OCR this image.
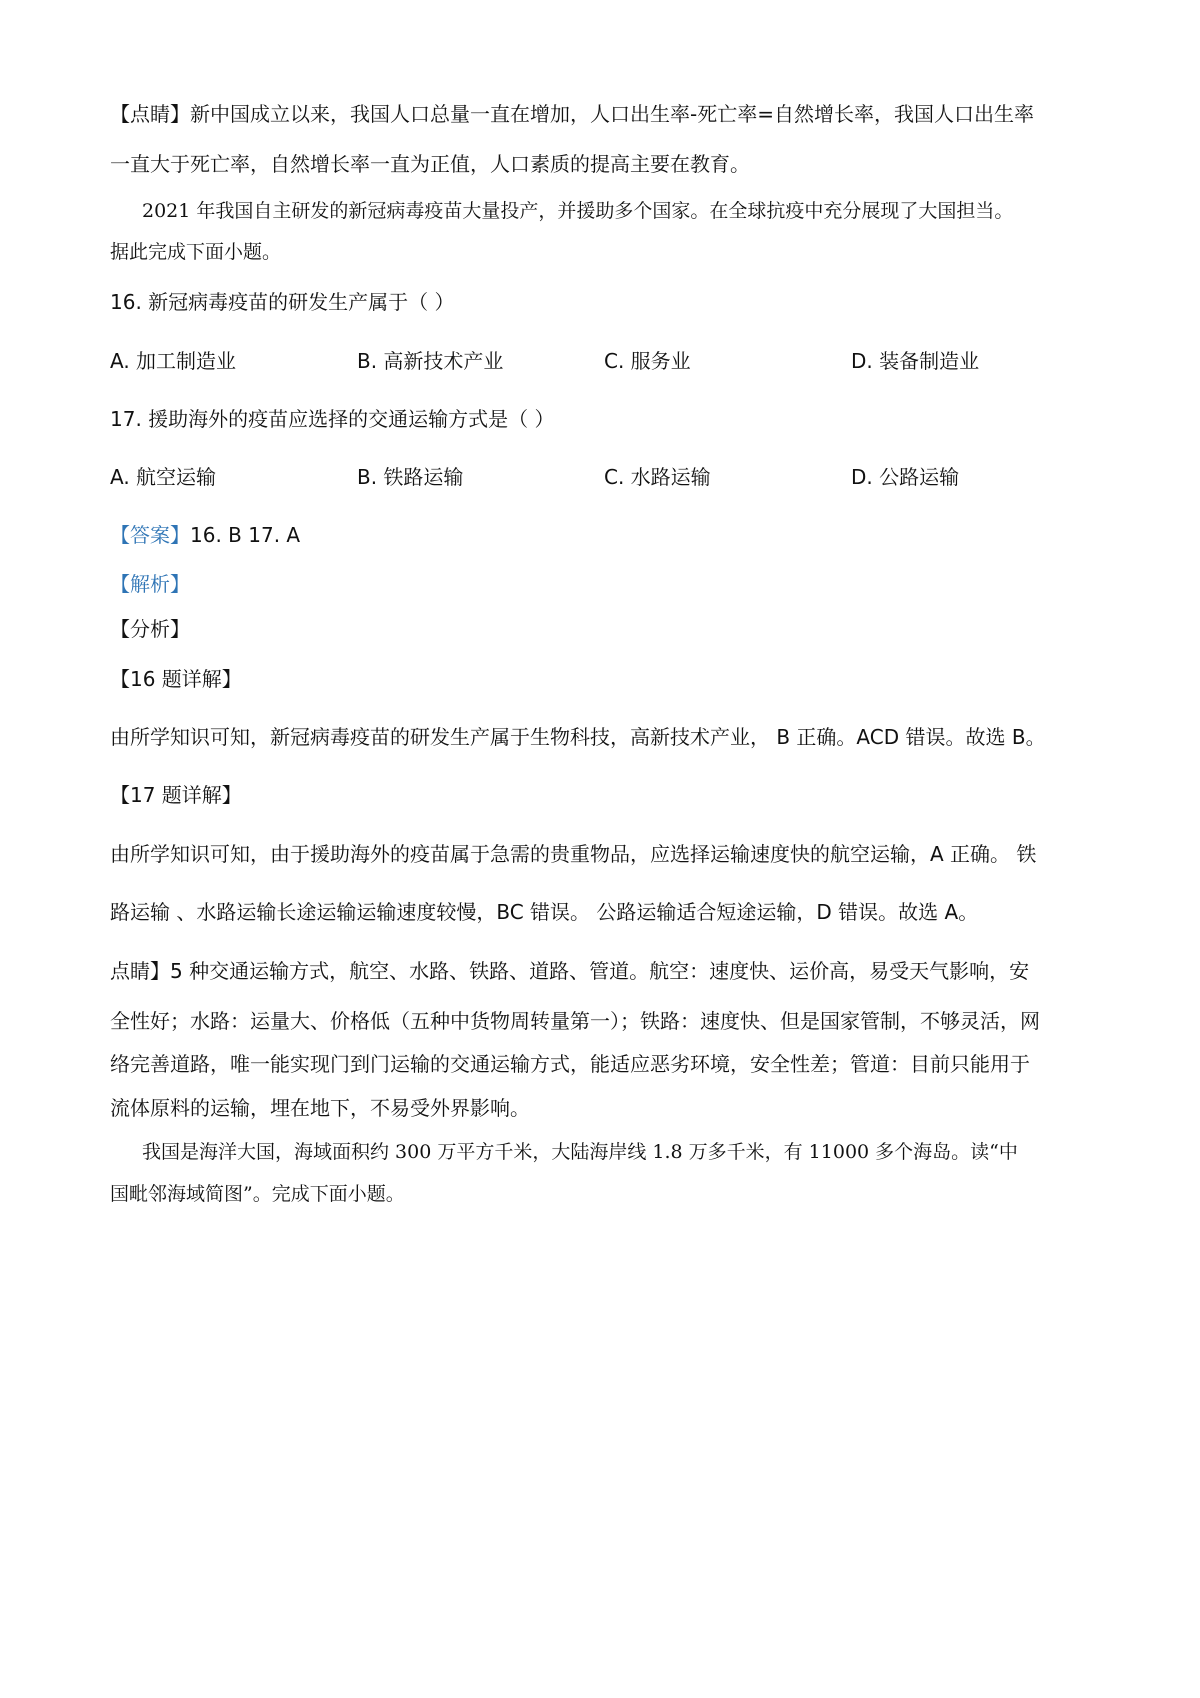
【点睛】新中国成立以来，我国人口总量一直在增加，人口出生率-死亡率=自然增长率，我国人口出生率
一直大于死亡率，自然增长率一直为正值，人口素质的提高主要在教育。
2021 年我国自主研发的新冠病毒疫苗大量投产，并援助多个国家。在全球抗疫中充分展现了大国担当。
据此完成下面小题。
16. 新冠病毒疫苗的研发生产属于（ ）
A. 加工制造业	B. 高新技术产业	C. 服务业	D. 装备制造业
17. 援助海外的疫苗应选择的交通运输方式是（ ）
A. 航空运输	B. 铁路运输	C. 水路运输	D. 公路运输
【答案】16. B 17. A
【解析】
【分析】
【16 题详解】
由所学知识可知，新冠病毒疫苗的研发生产属于生物科技，高新技术产业， B 正确。ACD 错误。故选 B。
【17 题详解】
由所学知识可知，由于援助海外的疫苗属于急需的贵重物品，应选择运输速度快的航空运输，A 正确。 铁
路运输 、水路运输长途运输运输速度较慢，BC 错误。 公路运输适合短途运输，D 错误。故选 A。
点睛】5 种交通运输方式，航空、水路、铁路、道路、管道。航空：速度快、运价高，易受天气影响，安
全性好；水路：运量大、价格低（五种中货物周转量第一）；铁路：速度快、但是国家管制，不够灵活，网
络完善道路，唯一能实现门到门运输的交通运输方式，能适应恶劣环境，安全性差；管道：目前只能用于
流体原料的运输，埋在地下，不易受外界影响。
我国是海洋大国，海域面积约 300 万平方千米，大陆海岸线 1.8 万多千米，有 11000 多个海岛。读“中
国毗邻海域简图”。完成下面小题。
